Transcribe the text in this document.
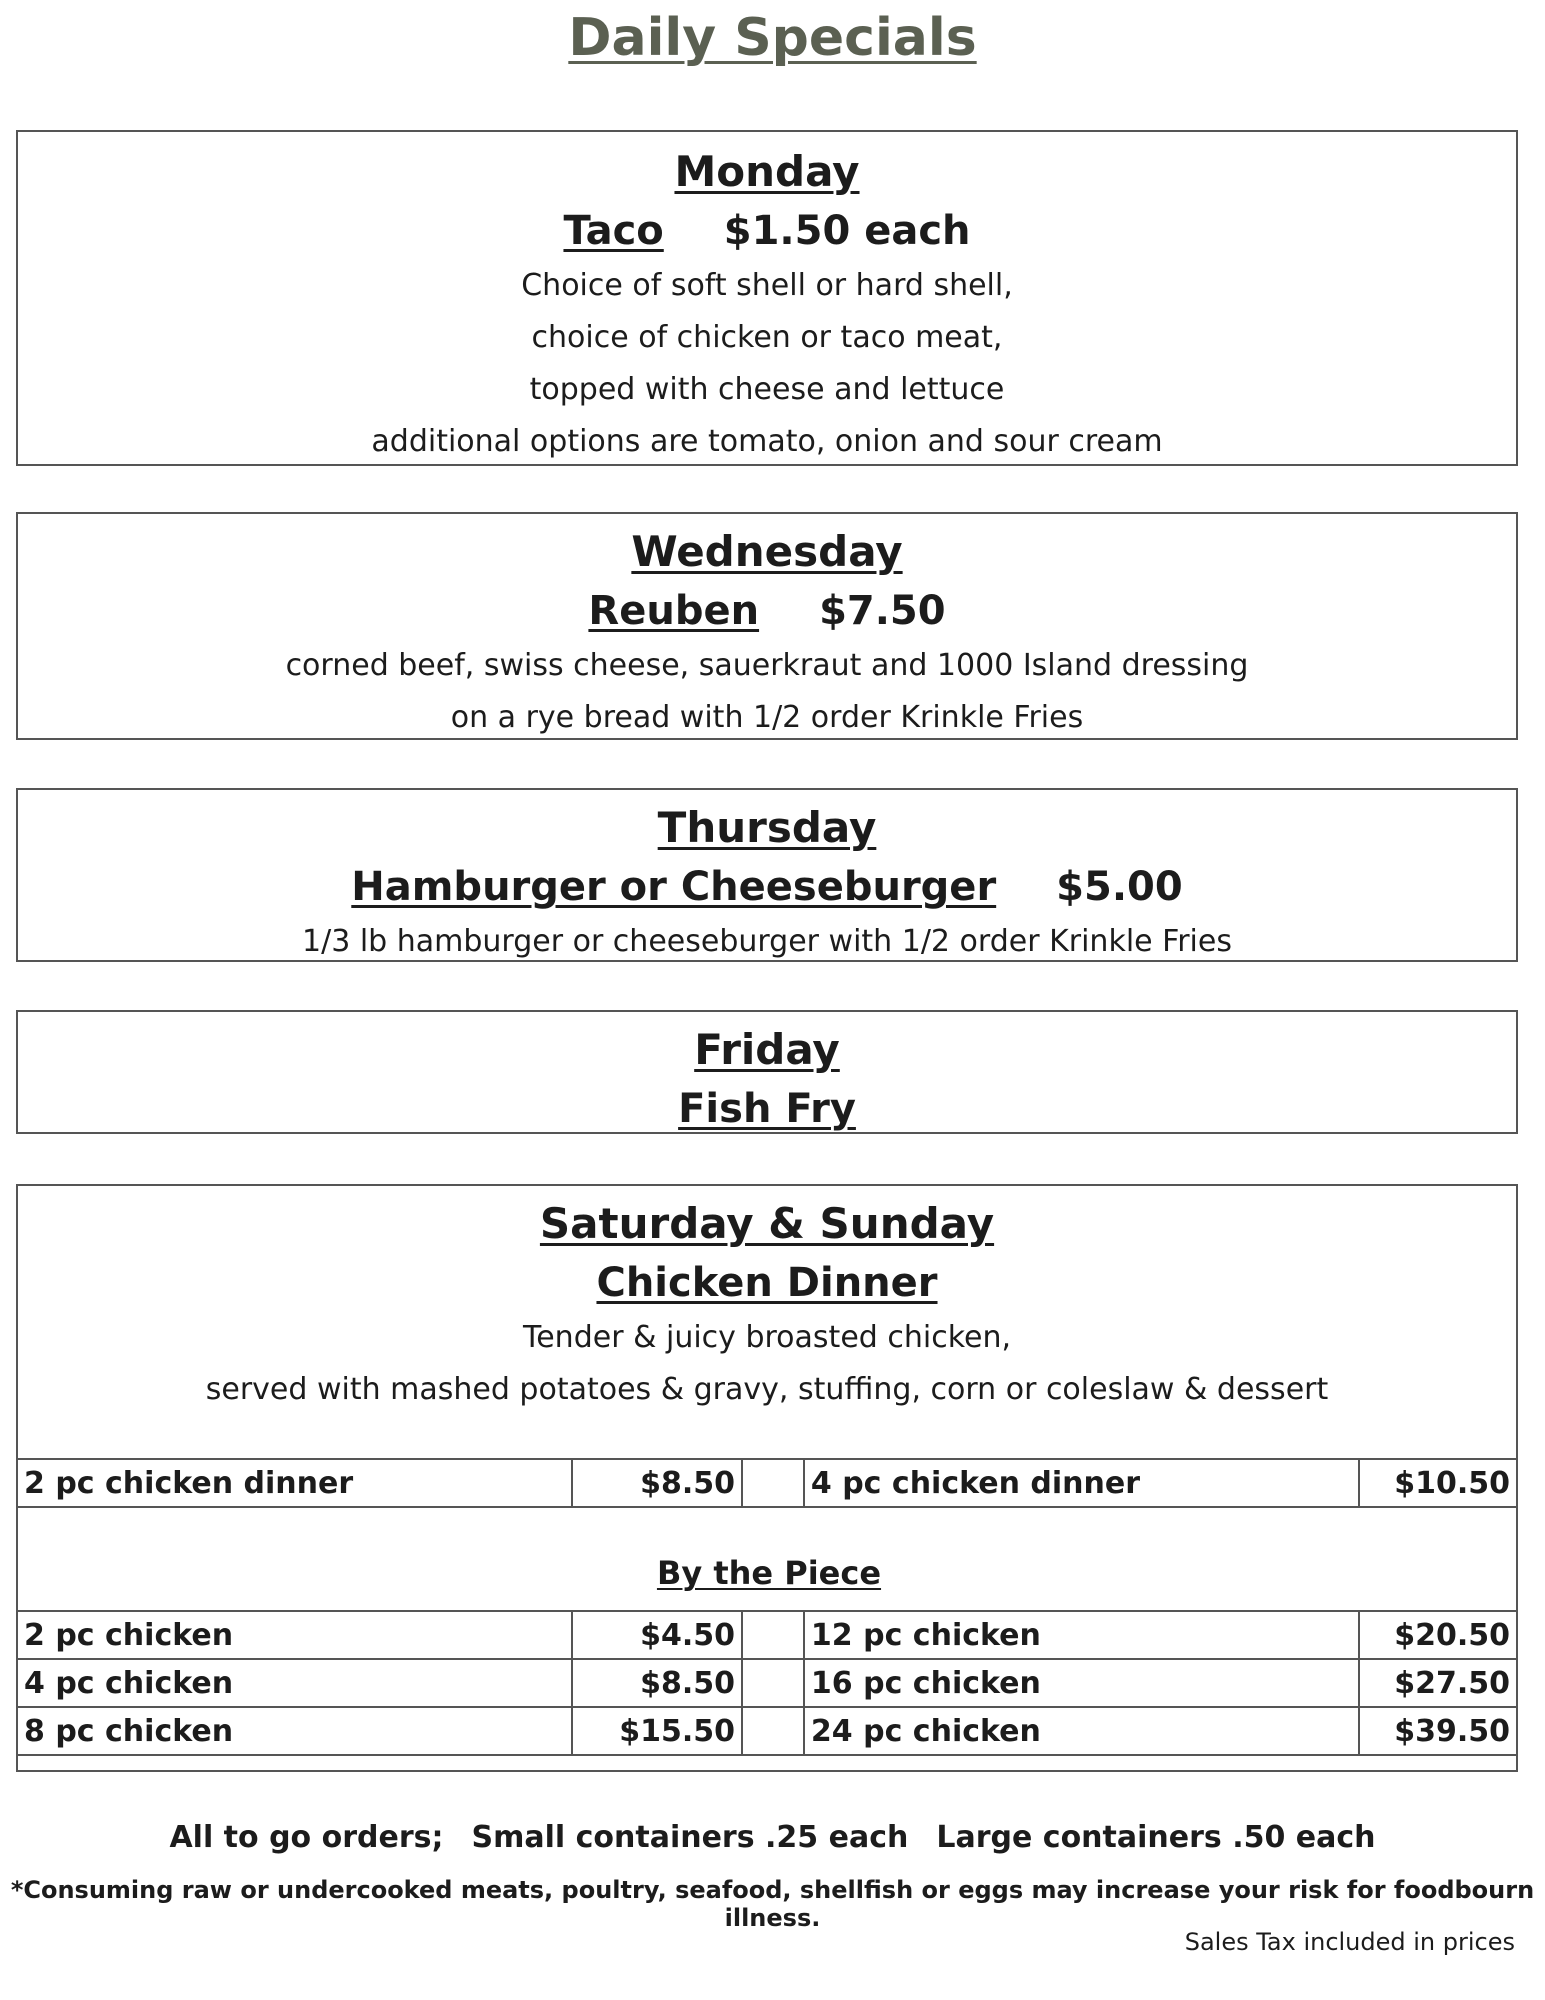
Daily Specials
Monday
Taco $1.50 each
Choice of soft shell or hard shell,
choice of chicken or taco meat,
topped with cheese and lettuce
additional options are tomato, onion and sour cream
Wednesday
Reuben $7.50
corned beef, swiss cheese, sauerkraut and 1000 Island dressing
on a rye bread with 1/2 order Krinkle Fries
Thursday
Hamburger or Cheeseburger $5.00
1/3 lb hamburger or cheeseburger with 1/2 order Krinkle Fries
Friday
Fish Fry
Saturday & Sunday
Chicken Dinner
Tender & juicy broasted chicken,
served with mashed potatoes & gravy, stuffing, corn or coleslaw & dessert
2 pc chicken dinner	$8.50		4 pc chicken dinner	$10.50
By the Piece
2 pc chicken	$4.50		12 pc chicken	$20.50
4 pc chicken	$8.50		16 pc chicken	$27.50
8 pc chicken	$15.50		24 pc chicken	$39.50
All to go orders; Small containers .25 each Large containers .50 each
*Consuming raw or undercooked meats, poultry, seafood, shellfish or eggs may increase your risk for foodbourn illness.
Sales Tax included in prices
